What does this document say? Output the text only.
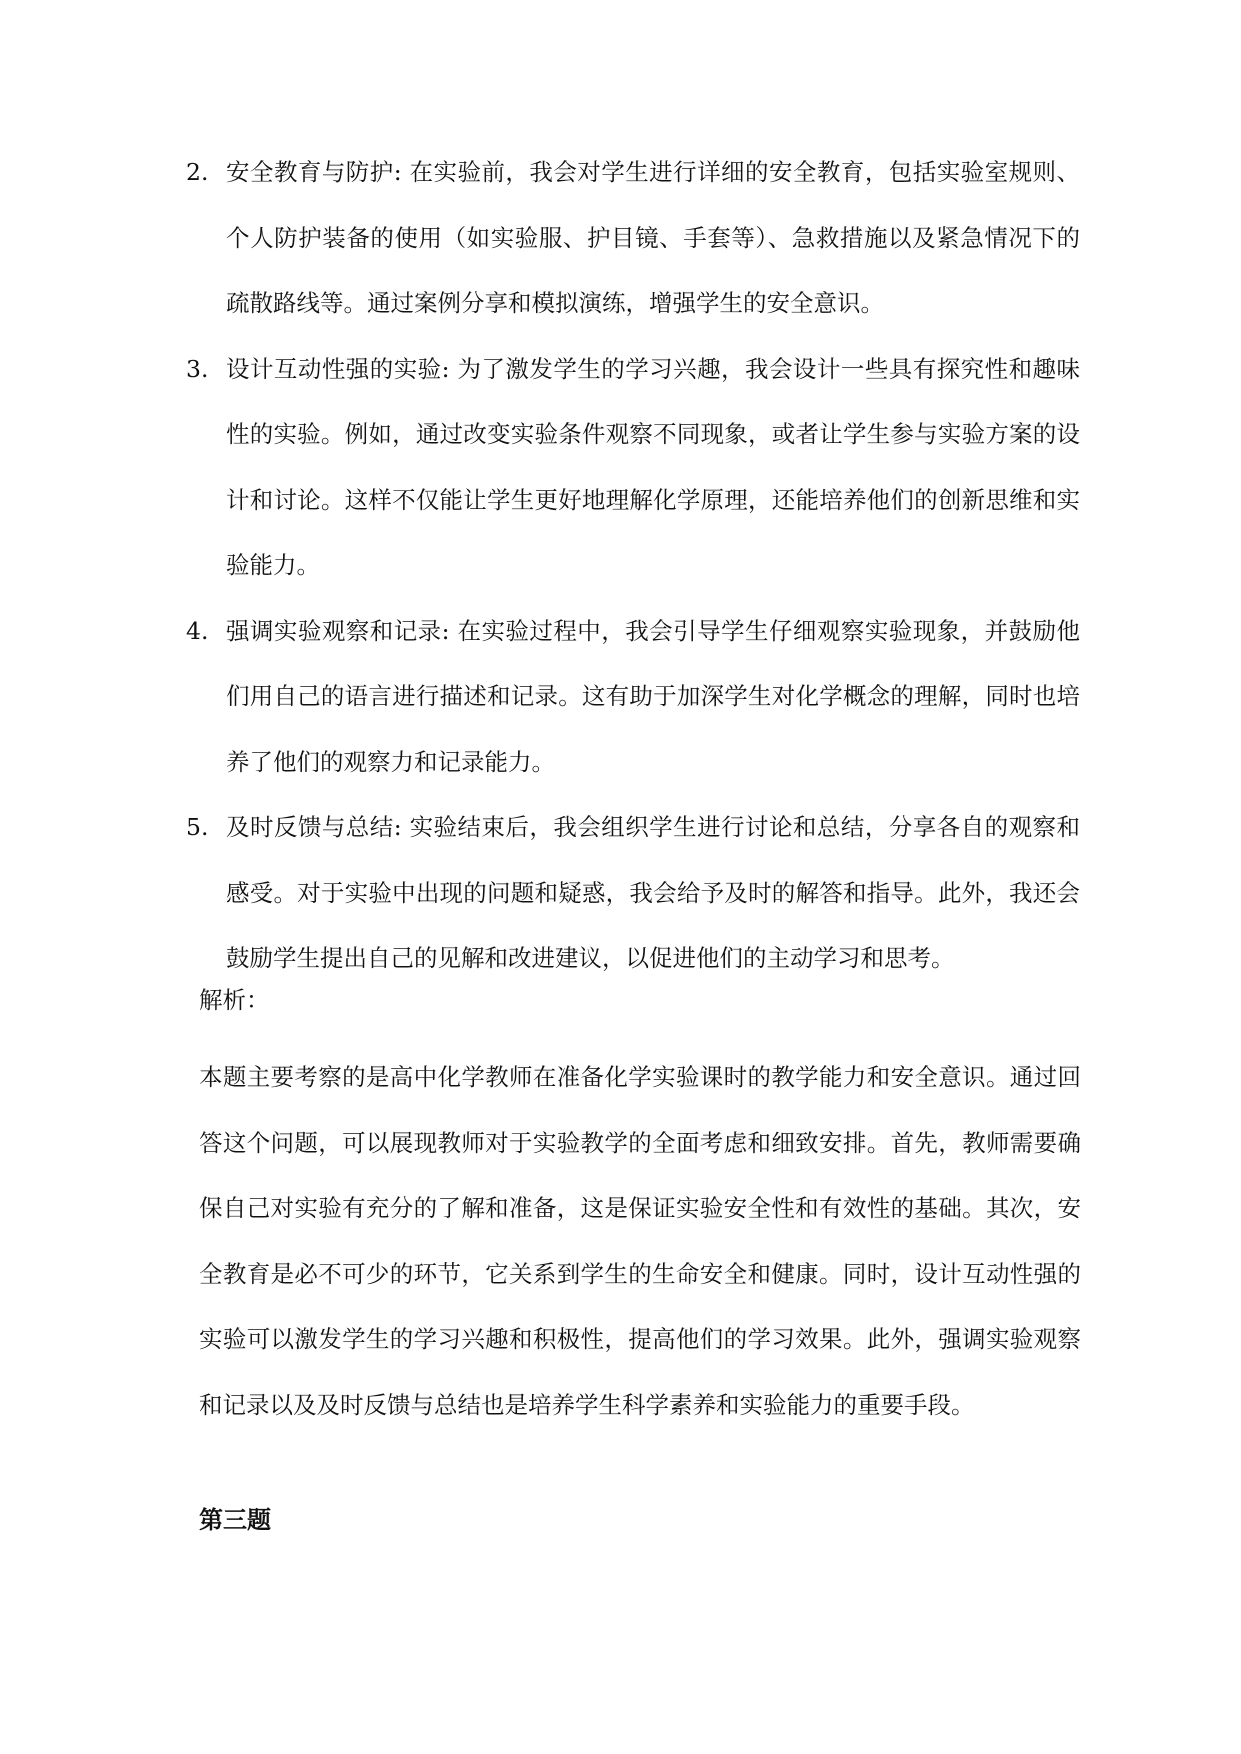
2. 安全教育与防护: 在实验前，我会对学生进行详细的安全教育，包括实验室规则、个人防护装备的使用（如实验服、护目镜、手套等）、急救措施以及紧急情况下的疏散路线等。通过案例分享和模拟演练，增强学生的安全意识。
3. 设计互动性强的实验: 为了激发学生的学习兴趣，我会设计一些具有探究性和趣味性的实验。例如，通过改变实验条件观察不同现象，或者让学生参与实验方案的设计和讨论。这样不仅能让学生更好地理解化学原理，还能培养他们的创新思维和实验能力。
4. 强调实验观察和记录: 在实验过程中，我会引导学生仔细观察实验现象，并鼓励他们用自己的语言进行描述和记录。这有助于加深学生对化学概念的理解，同时也培养了他们的观察力和记录能力。
5. 及时反馈与总结: 实验结束后，我会组织学生进行讨论和总结，分享各自的观察和感受。对于实验中出现的问题和疑惑，我会给予及时的解答和指导。此外，我还会鼓励学生提出自己的见解和改进建议，以促进他们的主动学习和思考。

解析：

本题主要考察的是高中化学教师在准备化学实验课时的教学能力和安全意识。通过回答这个问题，可以展现教师对于实验教学的全面考虑和细致安排。首先，教师需要确保自己对实验有充分的了解和准备，这是保证实验安全性和有效性的基础。其次，安全教育是必不可少的环节，它关系到学生的生命安全和健康。同时，设计互动性强的实验可以激发学生的学习兴趣和积极性，提高他们的学习效果。此外，强调实验观察和记录以及及时反馈与总结也是培养学生科学素养和实验能力的重要手段。

第三题
